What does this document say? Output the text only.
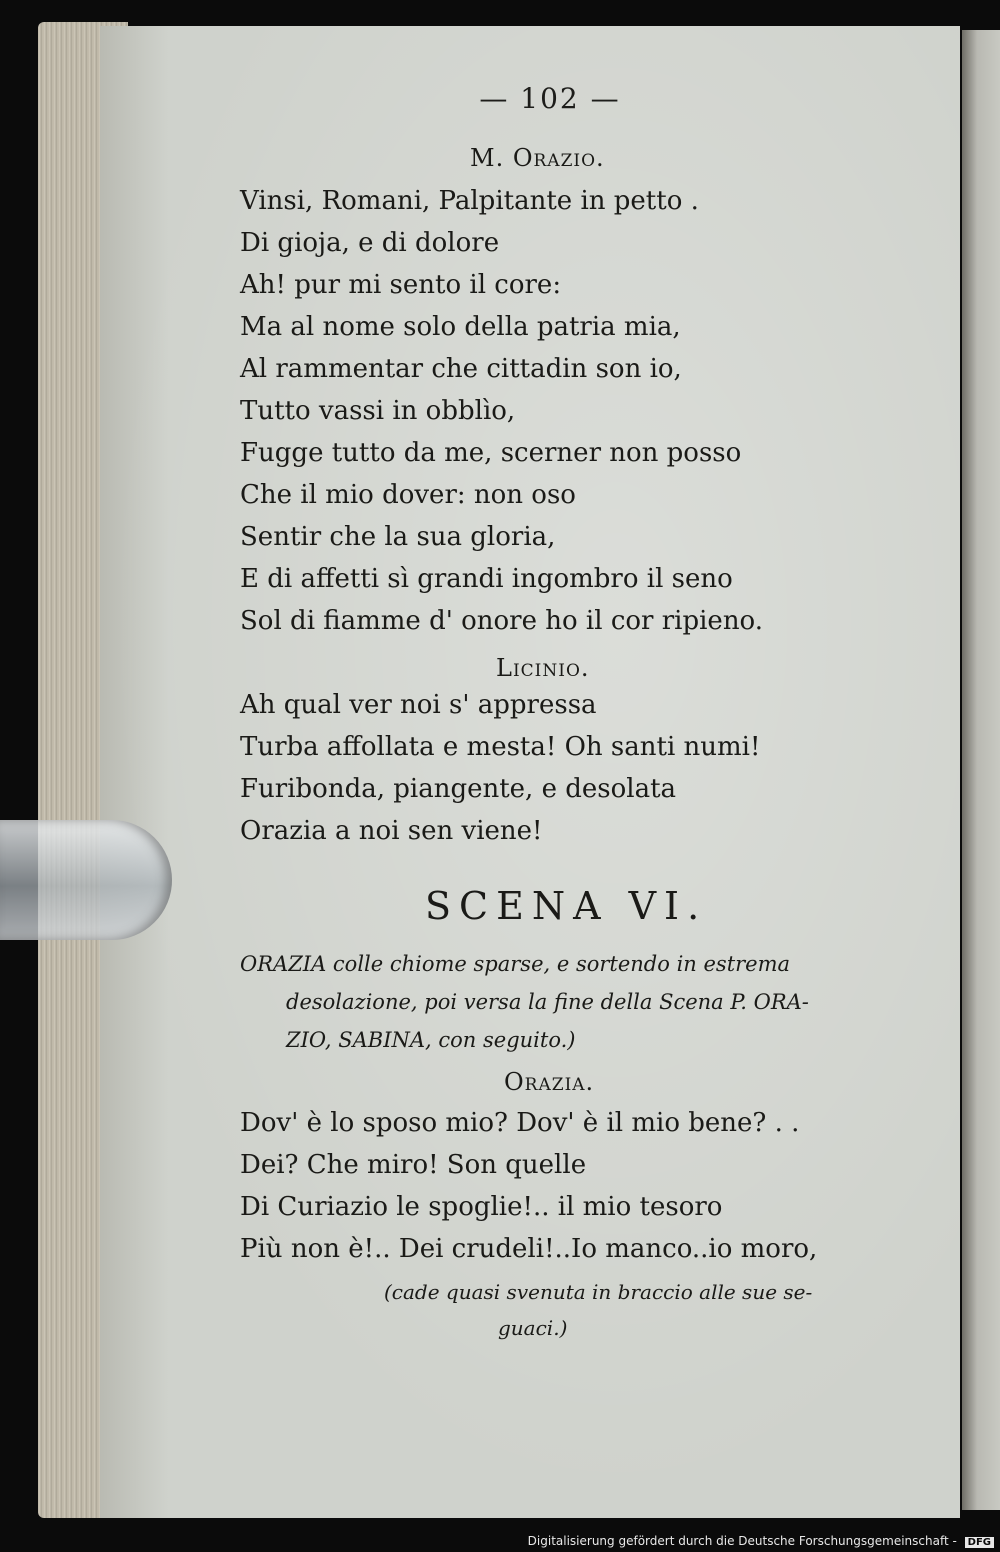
— 102 —
M. Orazio.
Vinsi, Romani, Palpitante in petto .
Di gioja, e di dolore
Ah! pur mi sento il core:
Ma al nome solo della patria mia,
Al rammentar che cittadin son io,
Tutto vassi in obblìo,
Fugge tutto da me, scerner non posso
Che il mio dover: non oso
Sentir che la sua gloria,
E di affetti sì grandi ingombro il seno
Sol di fiamme d' onore ho il cor ripieno.
Licinio.
Ah qual ver noi s' appressa
Turba affollata e mesta! Oh santi numi!
Furibonda, piangente, e desolata
Orazia a noi sen viene!
SCENA VI.
ORAZIA colle chiome sparse, e sortendo in estrema
desolazione, poi versa la fine della Scena P. ORA-
ZIO, SABINA, con seguito.)
Orazia.
Dov' è lo sposo mio? Dov' è il mio bene? . .
Dei? Che miro! Son quelle
Di Curiazio le spoglie!.. il mio tesoro
Più non è!.. Dei crudeli!..Io manco..io moro,
(cade quasi svenuta in braccio alle sue se-
guaci.)
Digitalisierung gefördert durch die Deutsche Forschungsgemeinschaft - DFG
